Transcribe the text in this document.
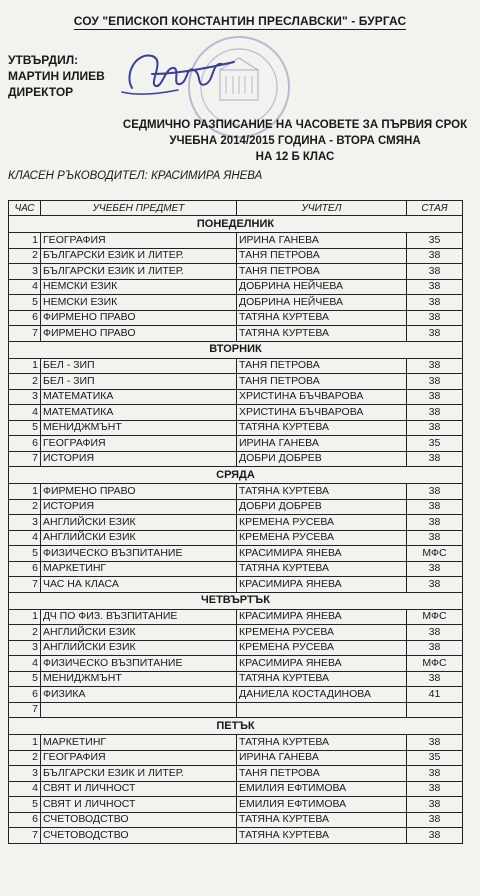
СОУ "ЕПИСКОП КОНСТАНТИН ПРЕСЛАВСКИ" - БУРГАС
УТВЪРДИЛ:
МАРТИН ИЛИЕВ
ДИРЕКТОР
СЕДМИЧНО РАЗПИСАНИЕ НА ЧАСОВЕТЕ ЗА ПЪРВИЯ СРОК
УЧЕБНА 2014/2015 ГОДИНА - ВТОРА СМЯНА
НА 12 Б КЛАС
КЛАСЕН РЪКОВОДИТЕЛ: КРАСИМИРА ЯНЕВА
ЧАС	УЧЕБЕН ПРЕДМЕТ	УЧИТЕЛ	СТАЯ
ПОНЕДЕЛНИК			
1	ГЕОГРАФИЯ	ИРИНА ГАНЕВА	35
2	БЪЛГАРСКИ ЕЗИК И ЛИТЕР.	ТАНЯ ПЕТРОВА	38
3	БЪЛГАРСКИ ЕЗИК И ЛИТЕР.	ТАНЯ ПЕТРОВА	38
4	НЕМСКИ ЕЗИК	ДОБРИНА НЕЙЧЕВА	38
5	НЕМСКИ ЕЗИК	ДОБРИНА НЕЙЧЕВА	38
6	ФИРМЕНО ПРАВО	ТАТЯНА КУРТЕВА	38
7	ФИРМЕНО ПРАВО	ТАТЯНА КУРТЕВА	38
ВТОРНИК			
1	БЕЛ - ЗИП	ТАНЯ ПЕТРОВА	38
2	БЕЛ - ЗИП	ТАНЯ ПЕТРОВА	38
3	МАТЕМАТИКА	ХРИСТИНА БЪЧВАРОВА	38
4	МАТЕМАТИКА	ХРИСТИНА БЪЧВАРОВА	38
5	МЕНИДЖМЪНТ	ТАТЯНА КУРТЕВА	38
6	ГЕОГРАФИЯ	ИРИНА ГАНЕВА	35
7	ИСТОРИЯ	ДОБРИ ДОБРЕВ	38
СРЯДА			
1	ФИРМЕНО ПРАВО	ТАТЯНА КУРТЕВА	38
2	ИСТОРИЯ	ДОБРИ ДОБРЕВ	38
3	АНГЛИЙСКИ ЕЗИК	КРЕМЕНА РУСЕВА	38
4	АНГЛИЙСКИ ЕЗИК	КРЕМЕНА РУСЕВА	38
5	ФИЗИЧЕСКО ВЪЗПИТАНИЕ	КРАСИМИРА ЯНЕВА	МФС
6	МАРКЕТИНГ	ТАТЯНА КУРТЕВА	38
7	ЧАС НА КЛАСА	КРАСИМИРА ЯНЕВА	38
ЧЕТВЪРТЪК			
1	ДЧ ПО ФИЗ. ВЪЗПИТАНИЕ	КРАСИМИРА ЯНЕВА	МФС
2	АНГЛИЙСКИ ЕЗИК	КРЕМЕНА РУСЕВА	38
3	АНГЛИЙСКИ ЕЗИК	КРЕМЕНА РУСЕВА	38
4	ФИЗИЧЕСКО ВЪЗПИТАНИЕ	КРАСИМИРА ЯНЕВА	МФС
5	МЕНИДЖМЪНТ	ТАТЯНА КУРТЕВА	38
6	ФИЗИКА	ДАНИЕЛА КОСТАДИНОВА	41
7			
ПЕТЪК			
1	МАРКЕТИНГ	ТАТЯНА КУРТЕВА	38
2	ГЕОГРАФИЯ	ИРИНА ГАНЕВА	35
3	БЪЛГАРСКИ ЕЗИК И ЛИТЕР.	ТАНЯ ПЕТРОВА	38
4	СВЯТ И ЛИЧНОСТ	ЕМИЛИЯ ЕФТИМОВА	38
5	СВЯТ И ЛИЧНОСТ	ЕМИЛИЯ ЕФТИМОВА	38
6	СЧЕТОВОДСТВО	ТАТЯНА КУРТЕВА	38
7	СЧЕТОВОДСТВО	ТАТЯНА КУРТЕВА	38
